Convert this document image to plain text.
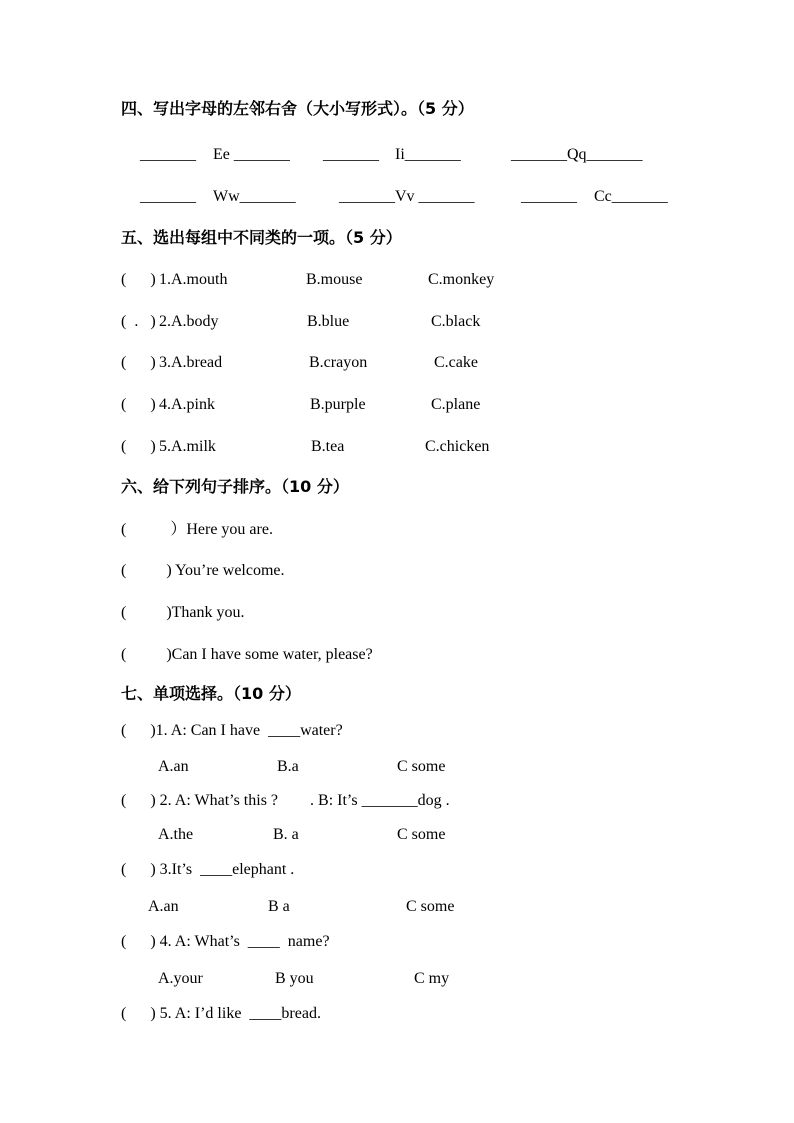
四、写出字母的左邻右舍（大小写形式）。（5 分）
_______ Ee _______ _______ Ii_______	_______Qq_______
_______ Ww_______	_______Vv _______	_______ Cc_______
五、选出每组中不同类的一项。（5 分）
(      ) 1.A.mouth	B.mouse	C.monkey
(  .   ) 2.A.body	B.blue	C.black
(      ) 3.A.bread	B.crayon	C.cake
(      ) 4.A.pink	B.purple	C.plane
(      ) 5.A.milk	B.tea	C.chicken
六、给下列句子排序。（10 分）
(           ）Here you are.
(          ) You’re welcome.
(          )Thank you.
(          )Can I have some water, please?
七、单项选择。（10 分）
(      )1. A: Can I have  ____water?
A.an	B.a	C some
(      ) 2. A: What’s this ?        . B: It’s _______dog .
A.the	B. a	C some
(      ) 3.It’s  ____elephant .
A.an	B a	C some
(      ) 4. A: What’s  ____  name?
A.your	B you	C my
(      ) 5. A: I’d like  ____bread.
